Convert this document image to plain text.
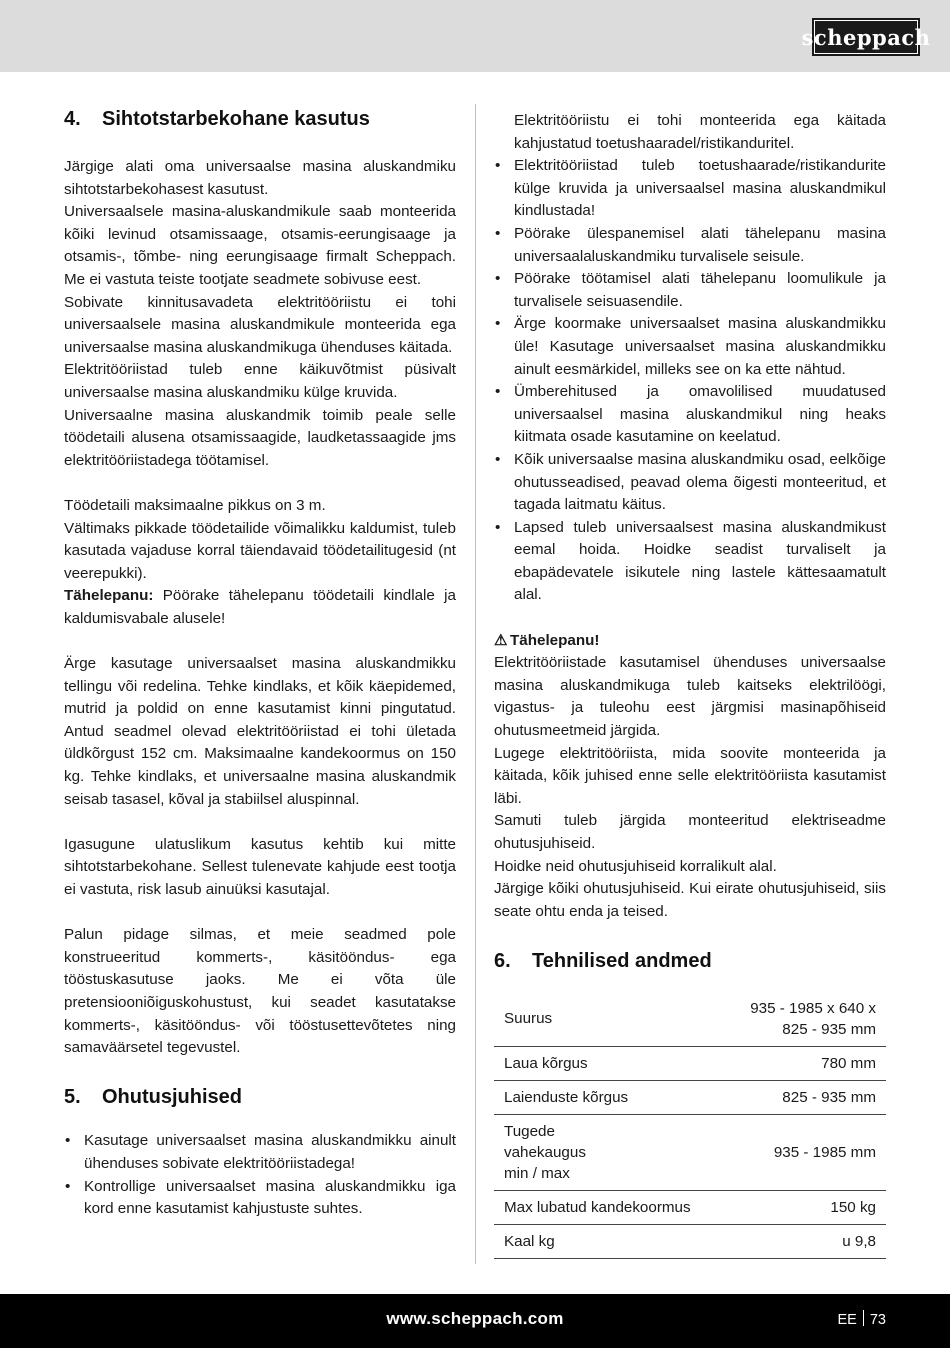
scheppach
4. Sihtotstarbekohane kasutus

Järgige alati oma universaalse masina aluskandmiku sihtotstarbekohasest kasutust.

Universaalsele masina-aluskandmikule saab monteerida kõiki levinud otsamissaage, otsamis-eerungisaage ja otsamis-, tõmbe- ning eerungisaage firmalt Scheppach. Me ei vastuta teiste tootjate seadmete sobivuse eest.

Sobivate kinnitusavadeta elektritööriistu ei tohi universaalsele masina aluskandmikule monteerida ega universaalse masina aluskandmikuga ühenduses käitada.

Elektritööriistad tuleb enne käikuvõtmist püsivalt universaalse masina aluskandmiku külge kruvida.

Universaalne masina aluskandmik toimib peale selle töödetaili alusena otsamissaagide, laudketassaagide jms elektritööriistadega töötamisel.

Töödetaili maksimaalne pikkus on 3 m.

Vältimaks pikkade töödetailide võimalikku kaldumist, tuleb kasutada vajaduse korral täiendavaid töödetailitugesid (nt veerepukki).

Tähelepanu: Pöörake tähelepanu töödetaili kindlale ja kaldumisvabale alusele!

Ärge kasutage universaalset masina aluskandmikku tellingu või redelina. Tehke kindlaks, et kõik käepidemed, mutrid ja poldid on enne kasutamist kinni pingutatud. Antud seadmel olevad elektritööriistad ei tohi ületada üldkõrgust 152 cm. Maksimaalne kandekoormus on 150 kg. Tehke kindlaks, et universaalne masina aluskandmik seisab tasasel, kõval ja stabiilsel aluspinnal.

Igasugune ulatuslikum kasutus kehtib kui mitte sihtotstarbekohane. Sellest tulenevate kahjude eest tootja ei vastuta, risk lasub ainuüksi kasutajal.

Palun pidage silmas, et meie seadmed pole konstrueeritud kommerts-, käsitööndus- ega tööstuskasutuse jaoks. Me ei võta üle pretensiooniõiguskohustust, kui seadet kasutatakse kommerts-, käsitööndus- või tööstusettevõtetes ning samaväärsetel tegevustel.

5. Ohutusjuhised
• Kasutage universaalset masina aluskandmikku ainult ühenduses sobivate elektritööriistadega!
• Kontrollige universaalset masina aluskandmikku iga kord enne kasutamist kahjustuste suhtes.

Elektritööriistu ei tohi monteerida ega käitada kahjustatud toetushaaradel/ristikanduritel.

• Elektritööriistad tuleb toetushaarade/ristikandurite külge kruvida ja universaalsel masina aluskandmikul kindlustada!
• Pöörake ülespanemisel alati tähelepanu masina universaalaluskandmiku turvalisele seisule.
• Pöörake töötamisel alati tähelepanu loomulikule ja turvalisele seisuasendile.
• Ärge koormake universaalset masina aluskandmikku üle! Kasutage universaalset masina aluskandmikku ainult eesmärkidel, milleks see on ka ette nähtud.
• Ümberehitused ja omavolilised muudatused universaalsel masina aluskandmikul ning heaks kiitmata osade kasutamine on keelatud.
• Kõik universaalse masina aluskandmiku osad, eelkõige ohutusseadised, peavad olema õigesti monteeritud, et tagada laitmatu käitus.
• Lapsed tuleb universaalsest masina aluskandmikust eemal hoida. Hoidke seadist turvaliselt ja ebapädevatele isikutele ning lastele kättesaamatult alal.
⚠ Tähelepanu!

Elektritööriistade kasutamisel ühenduses universaalse masina aluskandmikuga tuleb kaitseks elektrilöögi, vigastus- ja tuleohu eest järgmisi masinapõhiseid ohutusmeetmeid järgida.

Lugege elektritööriista, mida soovite monteerida ja käitada, kõik juhised enne selle elektritööriista kasutamist läbi.

Samuti tuleb järgida monteeritud elektriseadme ohutusjuhiseid.

Hoidke neid ohutusjuhiseid korralikult alal.

Järgige kõiki ohutusjuhiseid. Kui eirate ohutusjuhiseid, siis seate ohtu enda ja teised.

6. Tehnilised andmed
Suurus	935 - 1985 x 640 x 825 - 935 mm
Laua kõrgus	780 mm
Laienduste kõrgus	825 - 935 mm
Tugede vahekaugus min / max	935 - 1985 mm
Max lubatud kandekoormus	150 kg
Kaal kg	u 9,8
www.scheppach.com	EE 73
